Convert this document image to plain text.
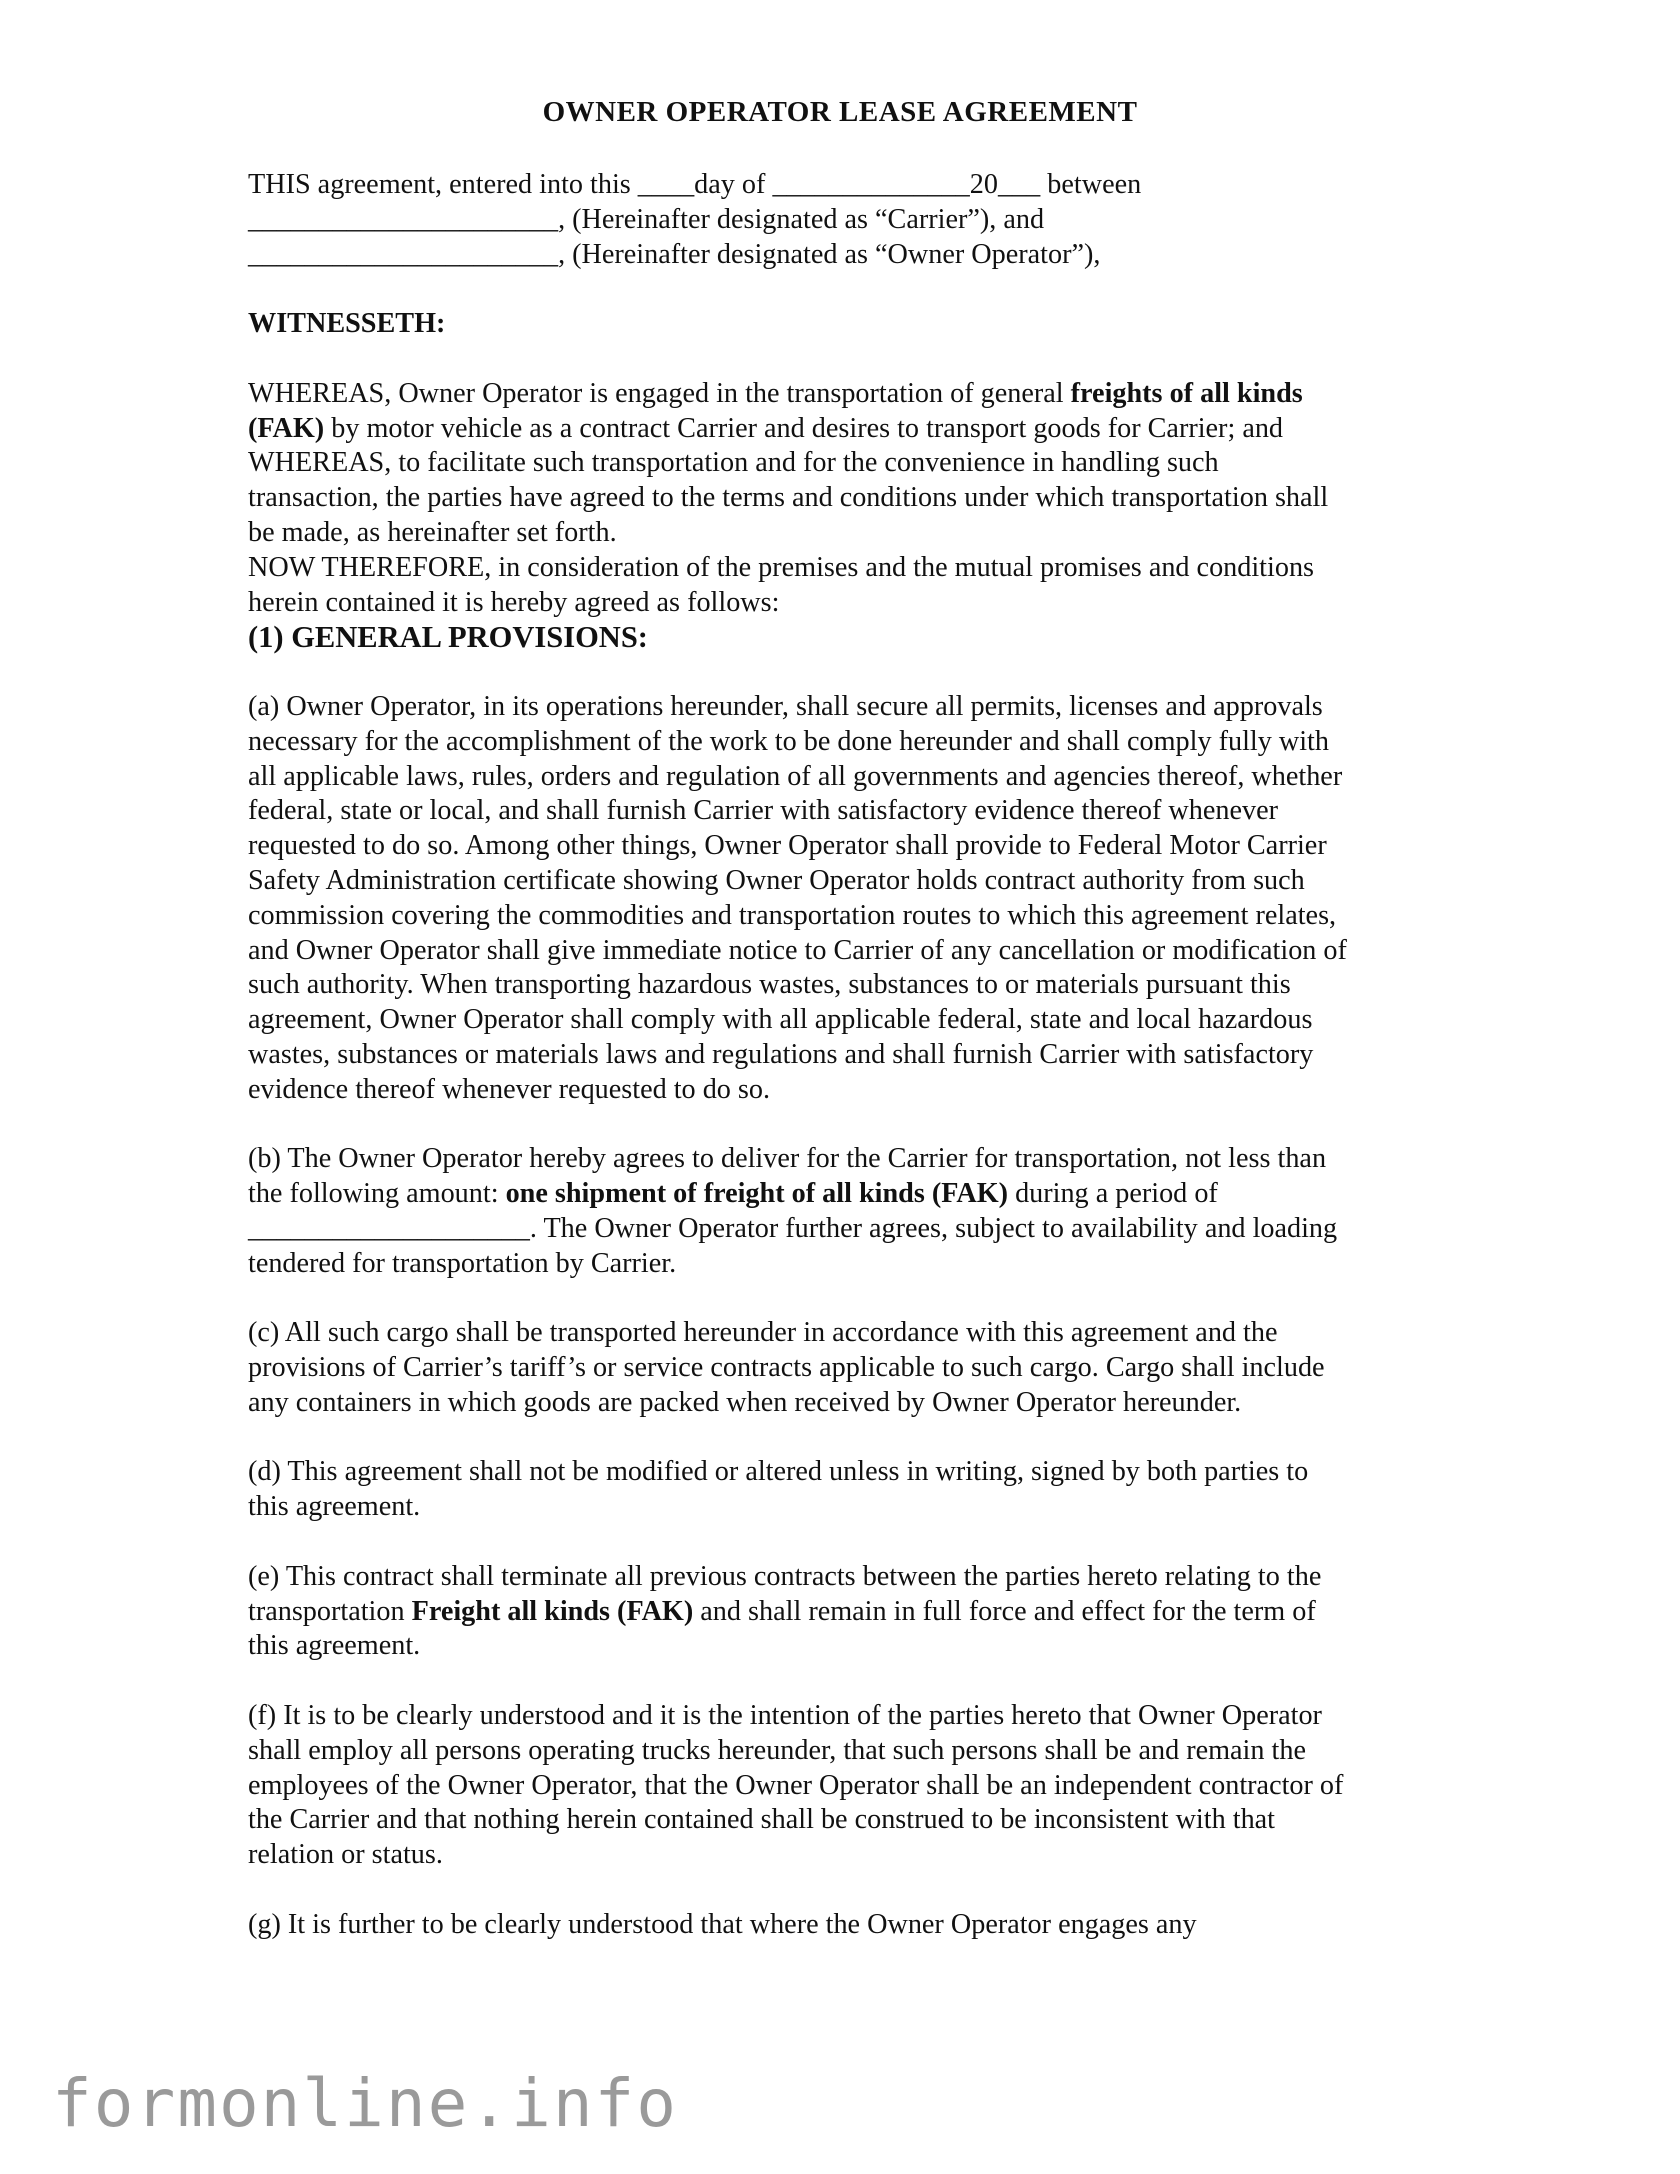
OWNER OPERATOR LEASE AGREEMENT
THIS agreement, entered into this ____day of ______________20___ between
______________________, (Hereinafter designated as “Carrier”), and
______________________, (Hereinafter designated as “Owner Operator”),
WITNESSETH:
WHEREAS, Owner Operator is engaged in the transportation of general freights of all kinds
(FAK) by motor vehicle as a contract Carrier and desires to transport goods for Carrier; and
WHEREAS, to facilitate such transportation and for the convenience in handling such
transaction, the parties have agreed to the terms and conditions under which transportation shall
be made, as hereinafter set forth.
NOW THEREFORE, in consideration of the premises and the mutual promises and conditions
herein contained it is hereby agreed as follows:
(1) GENERAL PROVISIONS:
(a) Owner Operator, in its operations hereunder, shall secure all permits, licenses and approvals
necessary for the accomplishment of the work to be done hereunder and shall comply fully with
all applicable laws, rules, orders and regulation of all governments and agencies thereof, whether
federal, state or local, and shall furnish Carrier with satisfactory evidence thereof whenever
requested to do so. Among other things, Owner Operator shall provide to Federal Motor Carrier
Safety Administration certificate showing Owner Operator holds contract authority from such
commission covering the commodities and transportation routes to which this agreement relates,
and Owner Operator shall give immediate notice to Carrier of any cancellation or modification of
such authority. When transporting hazardous wastes, substances to or materials pursuant this
agreement, Owner Operator shall comply with all applicable federal, state and local hazardous
wastes, substances or materials laws and regulations and shall furnish Carrier with satisfactory
evidence thereof whenever requested to do so.
(b) The Owner Operator hereby agrees to deliver for the Carrier for transportation, not less than
the following amount: one shipment of freight of all kinds (FAK) during a period of
____________________. The Owner Operator further agrees, subject to availability and loading
tendered for transportation by Carrier.
(c) All such cargo shall be transported hereunder in accordance with this agreement and the
provisions of Carrier’s tariff’s or service contracts applicable to such cargo. Cargo shall include
any containers in which goods are packed when received by Owner Operator hereunder.
(d) This agreement shall not be modified or altered unless in writing, signed by both parties to
this agreement.
(e) This contract shall terminate all previous contracts between the parties hereto relating to the
transportation Freight all kinds (FAK) and shall remain in full force and effect for the term of
this agreement.
(f) It is to be clearly understood and it is the intention of the parties hereto that Owner Operator
shall employ all persons operating trucks hereunder, that such persons shall be and remain the
employees of the Owner Operator, that the Owner Operator shall be an independent contractor of
the Carrier and that nothing herein contained shall be construed to be inconsistent with that
relation or status.
(g) It is further to be clearly understood that where the Owner Operator engages any
formonline.info
